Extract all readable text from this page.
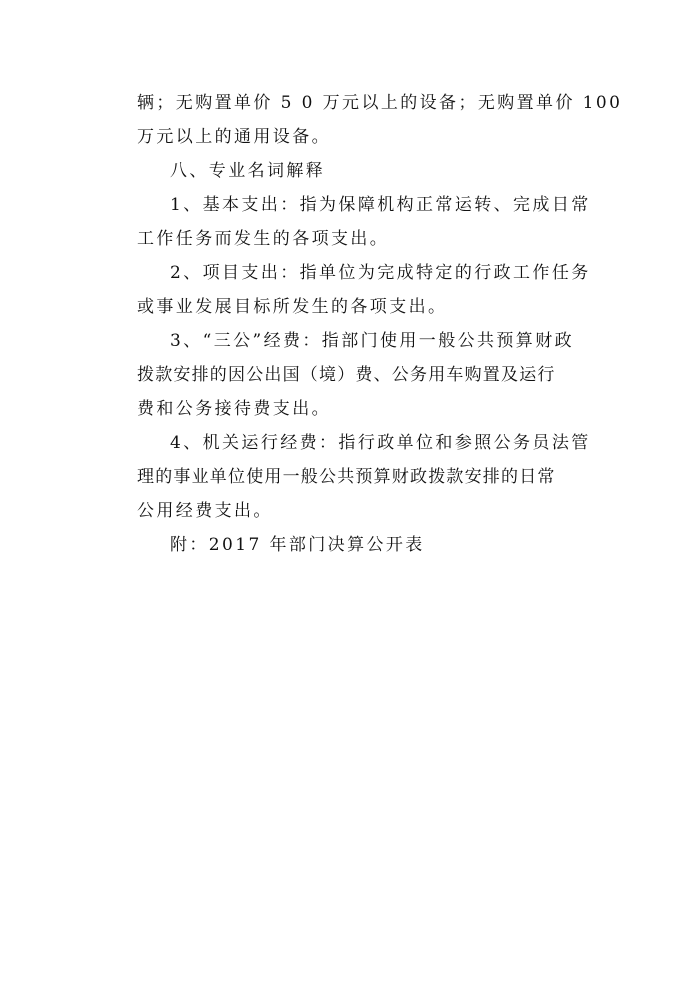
辆；无购置单价 5 0 万元以上的设备；无购置单价 100
万元以上的通用设备。
八、专业名词解释
1、基本支出：指为保障机构正常运转、完成日常
工作任务而发生的各项支出。
2、项目支出：指单位为完成特定的行政工作任务
或事业发展目标所发生的各项支出。
3、“三公”经费：指部门使用一般公共预算财政
拨款安排的因公出国（境）费、公务用车购置及运行
费和公务接待费支出。
4、机关运行经费：指行政单位和参照公务员法管
理的事业单位使用一般公共预算财政拨款安排的日常
公用经费支出。
附：2017 年部门决算公开表
